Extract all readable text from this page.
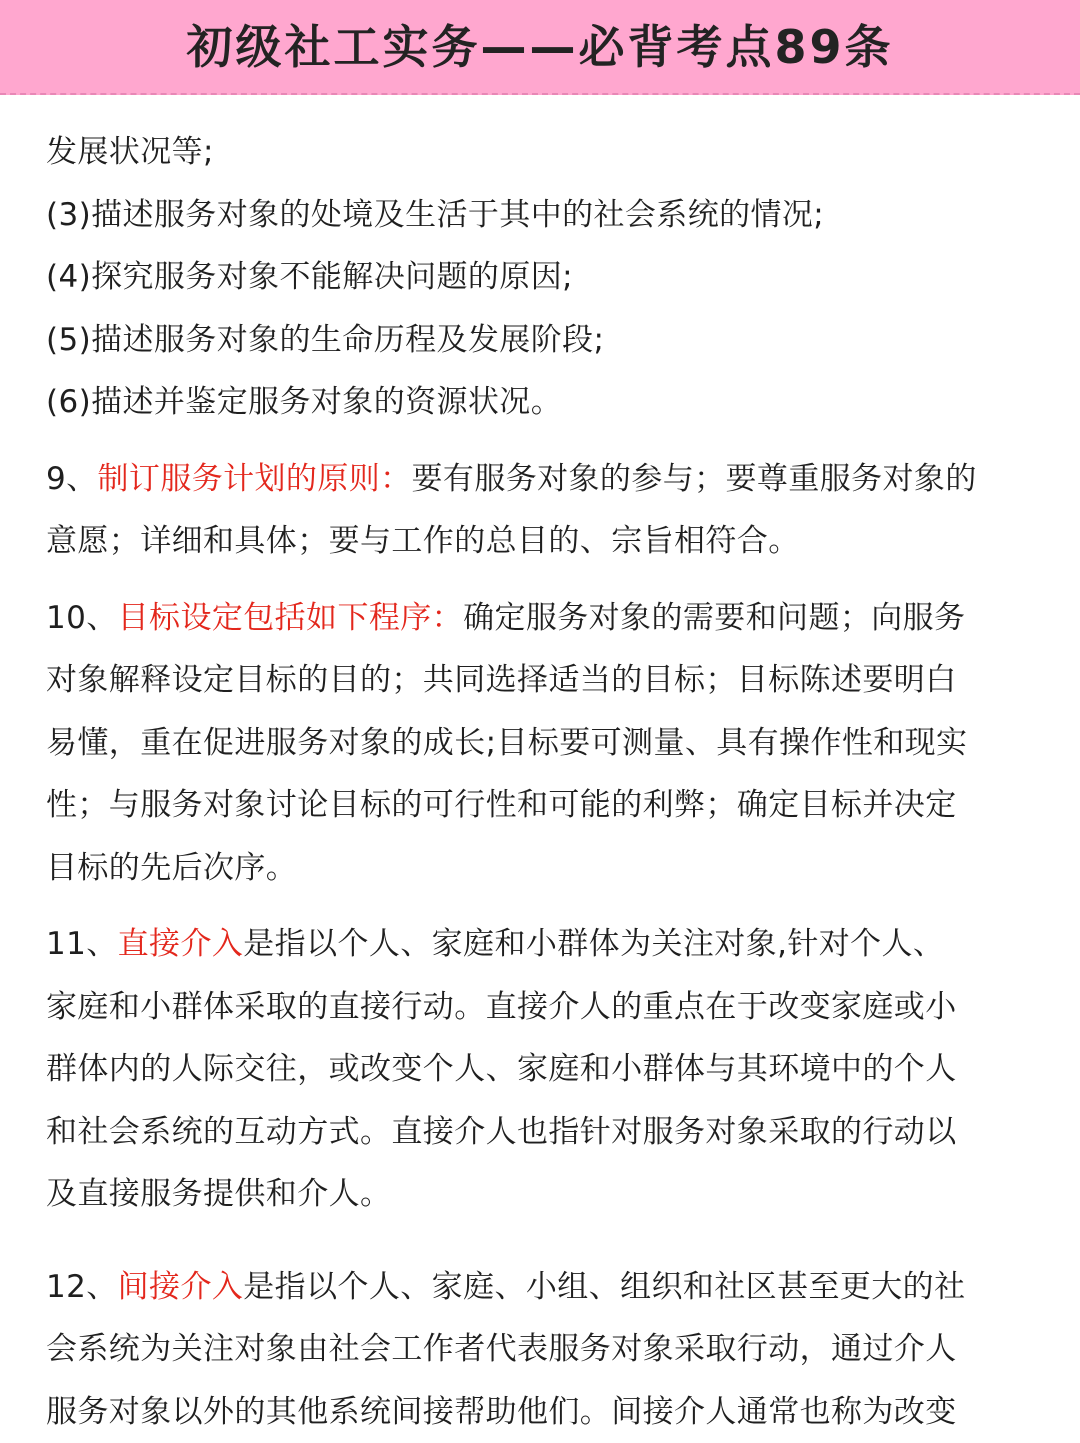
初级社工实务——必背考点89条
发展状况等;
(3)描述服务对象的处境及生活于其中的社会系统的情况;
(4)探究服务对象不能解决问题的原因;
(5)描述服务对象的生命历程及发展阶段;
(6)描述并鉴定服务对象的资源状况。
9、制订服务计划的原则：要有服务对象的参与；要尊重服务对象的
意愿；详细和具体；要与工作的总目的、宗旨相符合。
10、目标设定包括如下程序：确定服务对象的需要和问题；向服务
对象解释设定目标的目的；共同选择适当的目标；目标陈述要明白
易懂，重在促进服务对象的成长;目标要可测量、具有操作性和现实
性；与服务对象讨论目标的可行性和可能的利弊；确定目标并决定
目标的先后次序。
11、直接介入是指以个人、家庭和小群体为关注对象,针对个人、
家庭和小群体采取的直接行动。直接介人的重点在于改变家庭或小
群体内的人际交往，或改变个人、家庭和小群体与其环境中的个人
和社会系统的互动方式。直接介人也指针对服务对象采取的行动以
及直接服务提供和介人。
12、间接介入是指以个人、家庭、小组、组织和社区甚至更大的社
会系统为关注对象由社会工作者代表服务对象采取行动，通过介人
服务对象以外的其他系统间接帮助他们。间接介人通常也称为改变
